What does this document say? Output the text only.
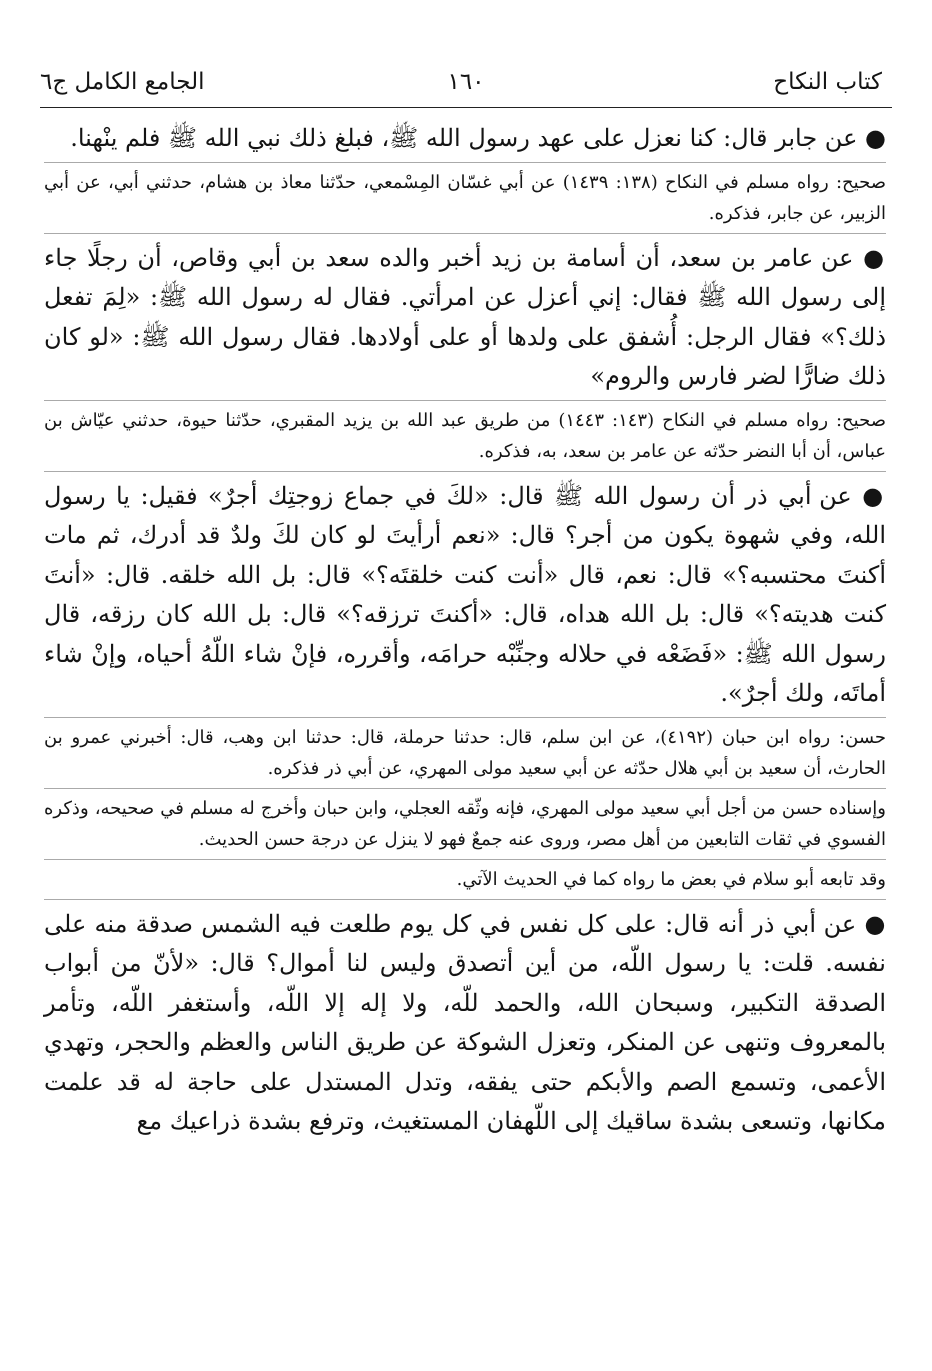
كتاب النكاح
١٦٠
الجامع الكامل ج٦

● عن جابر قال: كنا نعزل على عهد رسول الله ﷺ، فبلغ ذلك نبي الله ﷺ فلم ينْهنا.

صحيح: رواه مسلم في النكاح (١٣٨: ١٤٣٩) عن أبي غسّان المِسْمعي، حدّثنا معاذ بن هشام، حدثني أبي، عن أبي الزبير، عن جابر، فذكره.

● عن عامر بن سعد، أن أسامة بن زيد أخبر والده سعد بن أبي وقاص، أن رجلًا جاء إلى رسول الله ﷺ فقال: إني أعزل عن امرأتي. فقال له رسول الله ﷺ: «لِمَ تفعل ذلك؟» فقال الرجل: أُشفق على ولدها أو على أولادها. فقال رسول الله ﷺ: «لو كان ذلك ضارًّا لضر فارس والروم»

صحيح: رواه مسلم في النكاح (١٤٣: ١٤٤٣) من طريق عبد الله بن يزيد المقبري، حدّثنا حيوة، حدثني عيّاش بن عباس، أن أبا النضر حدّثه عن عامر بن سعد، به، فذكره.

● عن أبي ذر أن رسول الله ﷺ قال: «لكَ في جماع زوجتِك أجرٌ» فقيل: يا رسول الله، وفي شهوة يكون من أجر؟ قال: «نعم أرأيتَ لو كان لكَ ولدٌ قد أدرك، ثم مات أكنتَ محتسبه؟» قال: نعم، قال «أنت كنت خلقتَه؟» قال: بل الله خلقه. قال: «أنتَ كنت هديته؟» قال: بل الله هداه، قال: «أكنتَ ترزقه؟» قال: بل الله كان رزقه، قال رسول الله ﷺ: «فَضَعْه في حلاله وجنِّبْه حرامَه، وأقرره، فإنْ شاء اللّهُ أحياه، وإنْ شاء أماتَه، ولك أجرٌ».

حسن: رواه ابن حبان (٤١٩٢)، عن ابن سلم، قال: حدثنا حرملة، قال: حدثنا ابن وهب، قال: أخبرني عمرو بن الحارث، أن سعيد بن أبي هلال حدّثه عن أبي سعيد مولى المهري، عن أبي ذر فذكره.

وإسناده حسن من أجل أبي سعيد مولى المهري، فإنه وثّقه العجلي، وابن حبان وأخرج له مسلم في صحيحه، وذكره الفسوي في ثقات التابعين من أهل مصر، وروى عنه جمعٌ فهو لا ينزل عن درجة حسن الحديث.

وقد تابعه أبو سلام في بعض ما رواه كما في الحديث الآتي.

● عن أبي ذر أنه قال: على كل نفس في كل يوم طلعت فيه الشمس صدقة منه على نفسه. قلت: يا رسول اللّه، من أين أتصدق وليس لنا أموال؟ قال: «لأنّ من أبواب الصدقة التكبير، وسبحان الله، والحمد للّه، ولا إله إلا اللّه، وأستغفر اللّه، وتأمر بالمعروف وتنهى عن المنكر، وتعزل الشوكة عن طريق الناس والعظم والحجر، وتهدي الأعمى، وتسمع الصم والأبكم حتى يفقه، وتدل المستدل على حاجة له قد علمت مكانها، وتسعى بشدة ساقيك إلى اللّهفان المستغيث، وترفع بشدة ذراعيك مع
